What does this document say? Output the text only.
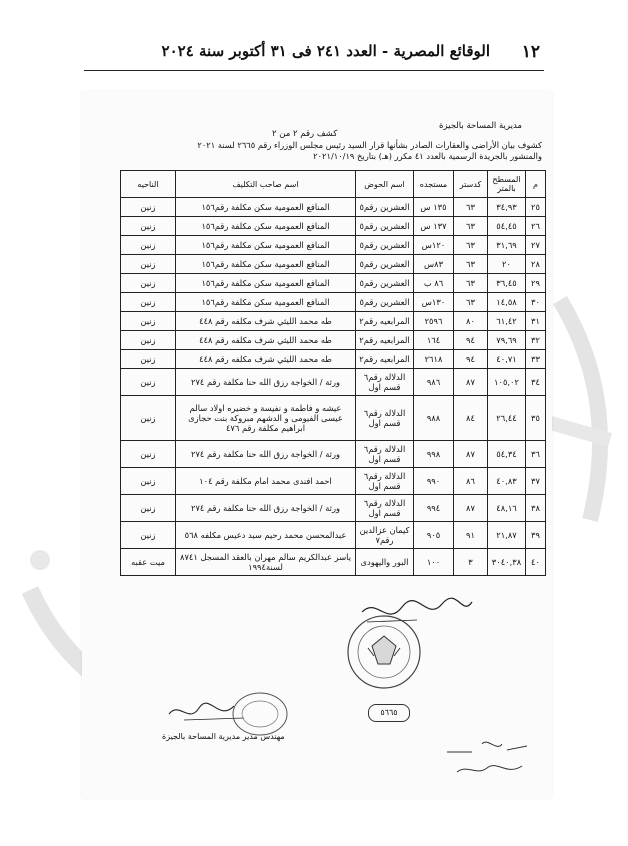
١٢
الوقائع المصرية - العدد ٢٤١ فى ٣١ أكتوبر سنة ٢٠٢٤
مديرية المساحة بالجيزة
كشف رقم ٢ من ٢
كشوف بيان الأراضى والعقارات الصادر بشأنها قرار السيد رئيس مجلس الوزراء رقم ٢٦٦٥ لسنة ٢٠٢١
والمنشور بالجريدة الرسمية بالعدد ٤١ مكرر (هـ) بتاريخ ٢٠٢١/١٠/١٩
م	المسطح بالمتر	كدستر	مستجده	اسم الحوض	اسم صاحب التكليف	الناحيه
٢٥	٣٤,٩٣	٦٣	١٣٥ س	العشرين رقم٥	المنافع العمومية سكن مكلفة رقم١٥٦	زنين
٢٦	٥٤,٤٥	٦٣	١٣٧ س	العشرين رقم٥	المنافع العمومية سكن مكلفة رقم١٥٦	زنين
٢٧	٣١,٦٩	٦٣	١٢٠س	العشرين رقم٥	المنافع العمومية سكن مكلفة رقم١٥٦	زنين
٢٨	٢٠	٦٣	٨٣س	العشرين رقم٥	المنافع العمومية سكن مكلفة رقم١٥٦	زنين
٢٩	٣٦,٤٥	٦٣	٨٦ ب	العشرين رقم٥	المنافع العمومية سكن مكلفة رقم١٥٦	زنين
٣٠	١٤,٥٨	٦٣	١٣٠س	العشرين رقم٥	المنافع العمومية سكن مكلفة رقم١٥٦	زنين
٣١	٦١,٤٢	٨٠	٢٥٩٦	المرابعيه رقم٢	طه محمد الليثي شرف مكلفه رقم ٤٤٨	زنين
٣٢	٧٩,٦٩	٩٤	١٦٤	المرابعيه رقم٢	طه محمد الليثي شرف مكلفه رقم ٤٤٨	زنين
٣٣	٤٠,٧١	٩٤	٢٦١٨	المرابعيه رقم٢	طه محمد الليثي شرف مكلفه رقم ٤٤٨	زنين
٣٤	١٠٥,٠٢	٨٧	٩٨٦	الدلالة رقم٦ قسم اول	ورثة / الخواجة رزق الله حنا مكلفة رقم ٢٧٤	زنين
٣٥	٢٦,٤٤	٨٤	٩٨٨	الدلالة رقم٦ قسم اول	عيشه و فاطمة و نفيسة و خضيره اولاد سالم عيسى الفيومى و الدشهم مبروكة بنت حجازى ابراهيم مكلفة رقم ٤٧٦	زنين
٣٦	٥٤,٣٤	٨٧	٩٩٨	الدلالة رقم٦ قسم اول	ورثة / الخواجة رزق الله حنا مكلفة رقم ٢٧٤	زنين
٣٧	٤٠,٨٣	٨٦	٩٩٠	الدلالة رقم٦ قسم اول	احمد افندى محمد امام مكلفة رقم ١٠٤	زنين
٣٨	٤٨,١٦	٨٧	٩٩٤	الدلالة رقم٦ قسم اول	ورثة / الخواجة رزق الله حنا مكلفة رقم ٢٧٤	زنين
٣٩	٢١,٨٧	٩١	٩٠٥	كيمان عزالدين رقم٧	عبدالمحسن محمد رحيم سيد دعيس مكلفه ٥٦٨	زنين
٤٠	٣٠٤٠,٣٨	٣	١٠٠	البور واليهودى	ياسر عبدالكريم سالم مهران بالعقد المسجل ٨٧٤١ لسنة١٩٩٤	ميت عقبه
٥٦٦٥
مهندس مدير مديرية المساحة بالجيزة
